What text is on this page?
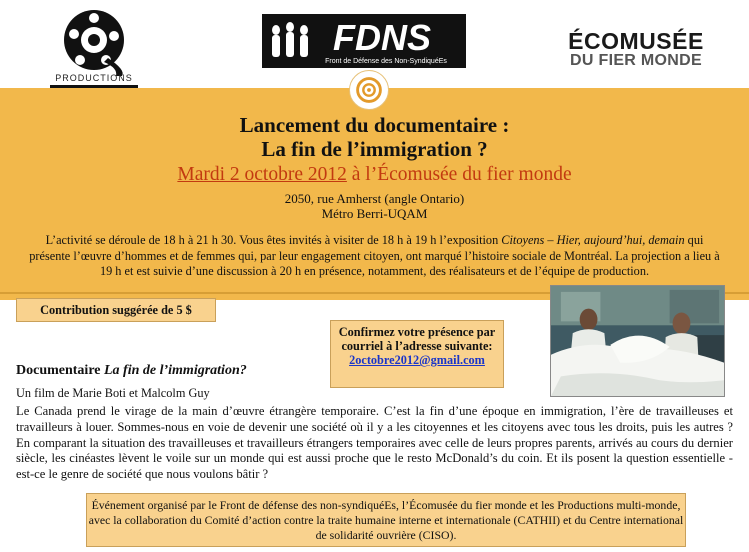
PRODUCTIONS
FDNS
Front de Défense des Non-SyndiquéEs
ÉCOMUSÉE
DU FIER MONDE
Lancement du documentaire :
La fin de l’immigration ?
Mardi 2 octobre 2012 à l’Écomusée du fier monde
2050, rue Amherst (angle Ontario)
Métro Berri-UQAM
L’activité se déroule de 18 h à 21 h 30. Vous êtes invités à visiter de 18 h à 19 h l’exposition Citoyens – Hier, aujourd’hui, demain qui présente l’œuvre d’hommes et de femmes qui, par leur engagement citoyen, ont marqué l’histoire sociale de Montréal. La projection a lieu à 19 h et est suivie d’une discussion à 20 h en présence, notamment, des réalisateurs et de l’équipe de production.
Contribution suggérée de 5 $
Confirmez votre présence par courriel à l’adresse suivante:
2octobre2012@gmail.com
Documentaire La fin de l’immigration?
Un film de Marie Boti et Malcolm Guy
Le Canada prend le virage de la main d’œuvre étrangère temporaire. C’est la fin d’une époque en immigration, l’ère de travailleuses et travailleurs à louer. Sommes-nous en voie de devenir une société où il y a les citoyennes et les citoyens avec tous les droits, puis les autres ? En comparant la situation des travailleuses et travailleurs étrangers temporaires avec celle de leurs propres parents, arrivés au cours du dernier siècle, les cinéastes lèvent le voile sur un monde qui est aussi proche que le resto McDonald’s du coin. Et ils posent la question essentielle - est-ce le genre de société que nous voulons bâtir ?
Événement organisé par le Front de défense des non-syndiquéEs, l’Écomusée du fier monde et les Productions multi-monde, avec la collaboration du Comité d’action contre la traite humaine interne et internationale (CATHII) et du Centre international de solidarité ouvrière (CISO).
